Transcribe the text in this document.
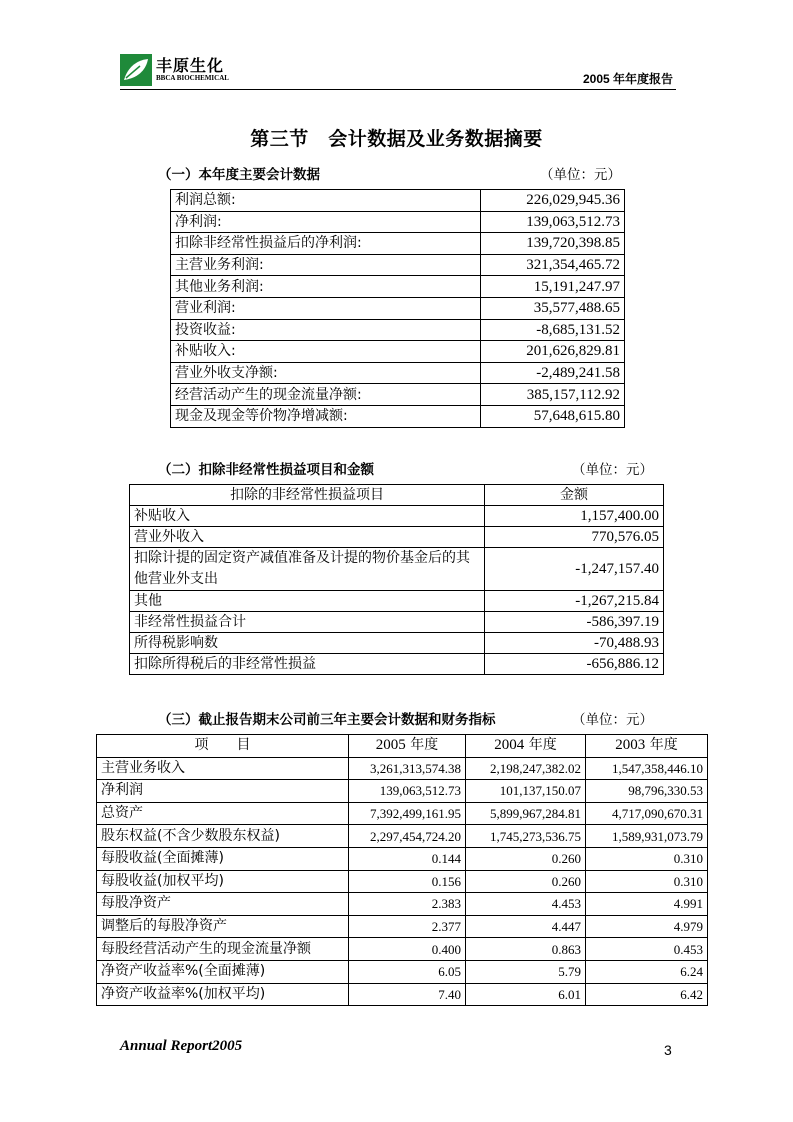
丰原生化
BBCA BIOCHEMICAL	2005 年年度报告
第三节　会计数据及业务数据摘要
（一）本年度主要会计数据	（单位：元）
利润总额:	226,029,945.36
净利润:	139,063,512.73
扣除非经常性损益后的净利润:	139,720,398.85
主营业务利润:	321,354,465.72
其他业务利润:	15,191,247.97
营业利润:	35,577,488.65
投资收益:	-8,685,131.52
补贴收入:	201,626,829.81
营业外收支净额:	-2,489,241.58
经营活动产生的现金流量净额:	385,157,112.92
现金及现金等价物净增减额:	57,648,615.80
（二）扣除非经常性损益项目和金额	（单位：元）
扣除的非经常性损益项目	金额
补贴收入	1,157,400.00
营业外收入	770,576.05
扣除计提的固定资产减值准备及计提的物价基金后的其他营业外支出	-1,247,157.40
其他	-1,267,215.84
非经常性损益合计	-586,397.19
所得税影响数	-70,488.93
扣除所得税后的非经常性损益	-656,886.12
（三）截止报告期末公司前三年主要会计数据和财务指标	（单位：元）
项　　目	2005 年度	2004 年度	2003 年度
主营业务收入	3,261,313,574.38	2,198,247,382.02	1,547,358,446.10
净利润	139,063,512.73	101,137,150.07	98,796,330.53
总资产	7,392,499,161.95	5,899,967,284.81	4,717,090,670.31
股东权益(不含少数股东权益)	2,297,454,724.20	1,745,273,536.75	1,589,931,073.79
每股收益(全面摊薄)	0.144	0.260	0.310
每股收益(加权平均)	0.156	0.260	0.310
每股净资产	2.383	4.453	4.991
调整后的每股净资产	2.377	4.447	4.979
每股经营活动产生的现金流量净额	0.400	0.863	0.453
净资产收益率%(全面摊薄)	6.05	5.79	6.24
净资产收益率%(加权平均)	7.40	6.01	6.42
Annual Report2005	3
